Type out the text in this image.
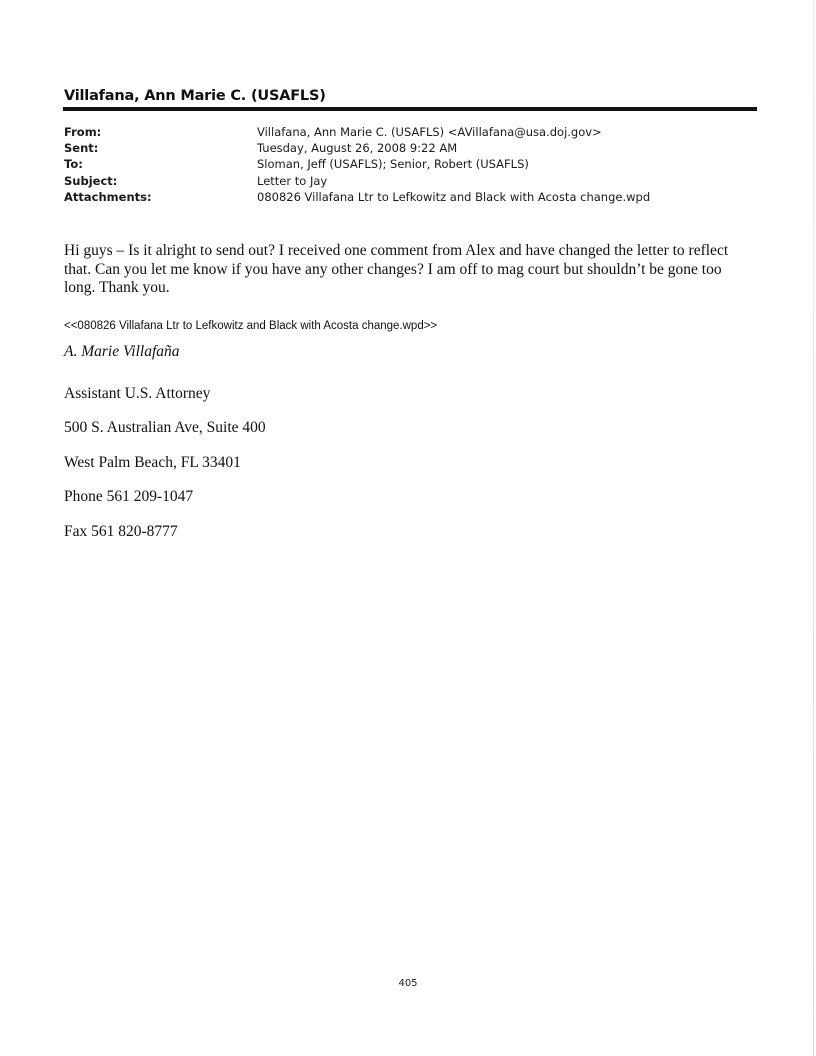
Villafana, Ann Marie C. (USAFLS)
From:	Villafana, Ann Marie C. (USAFLS) <AVillafana@usa.doj.gov>
Sent:	Tuesday, August 26, 2008 9:22 AM
To:	Sloman, Jeff (USAFLS); Senior, Robert (USAFLS)
Subject:	Letter to Jay
Attachments:	080826 Villafana Ltr to Lefkowitz and Black with Acosta change.wpd
Hi guys – Is it alright to send out? I received one comment from Alex and have changed the letter to reflect that. Can you let me know if you have any other changes? I am off to mag court but shouldn’t be gone too long. Thank you.
<<080826 Villafana Ltr to Lefkowitz and Black with Acosta change.wpd>>
A. Marie Villafaña
Assistant U.S. Attorney
500 S. Australian Ave, Suite 400
West Palm Beach, FL 33401
Phone 561 209-1047
Fax 561 820-8777
405
